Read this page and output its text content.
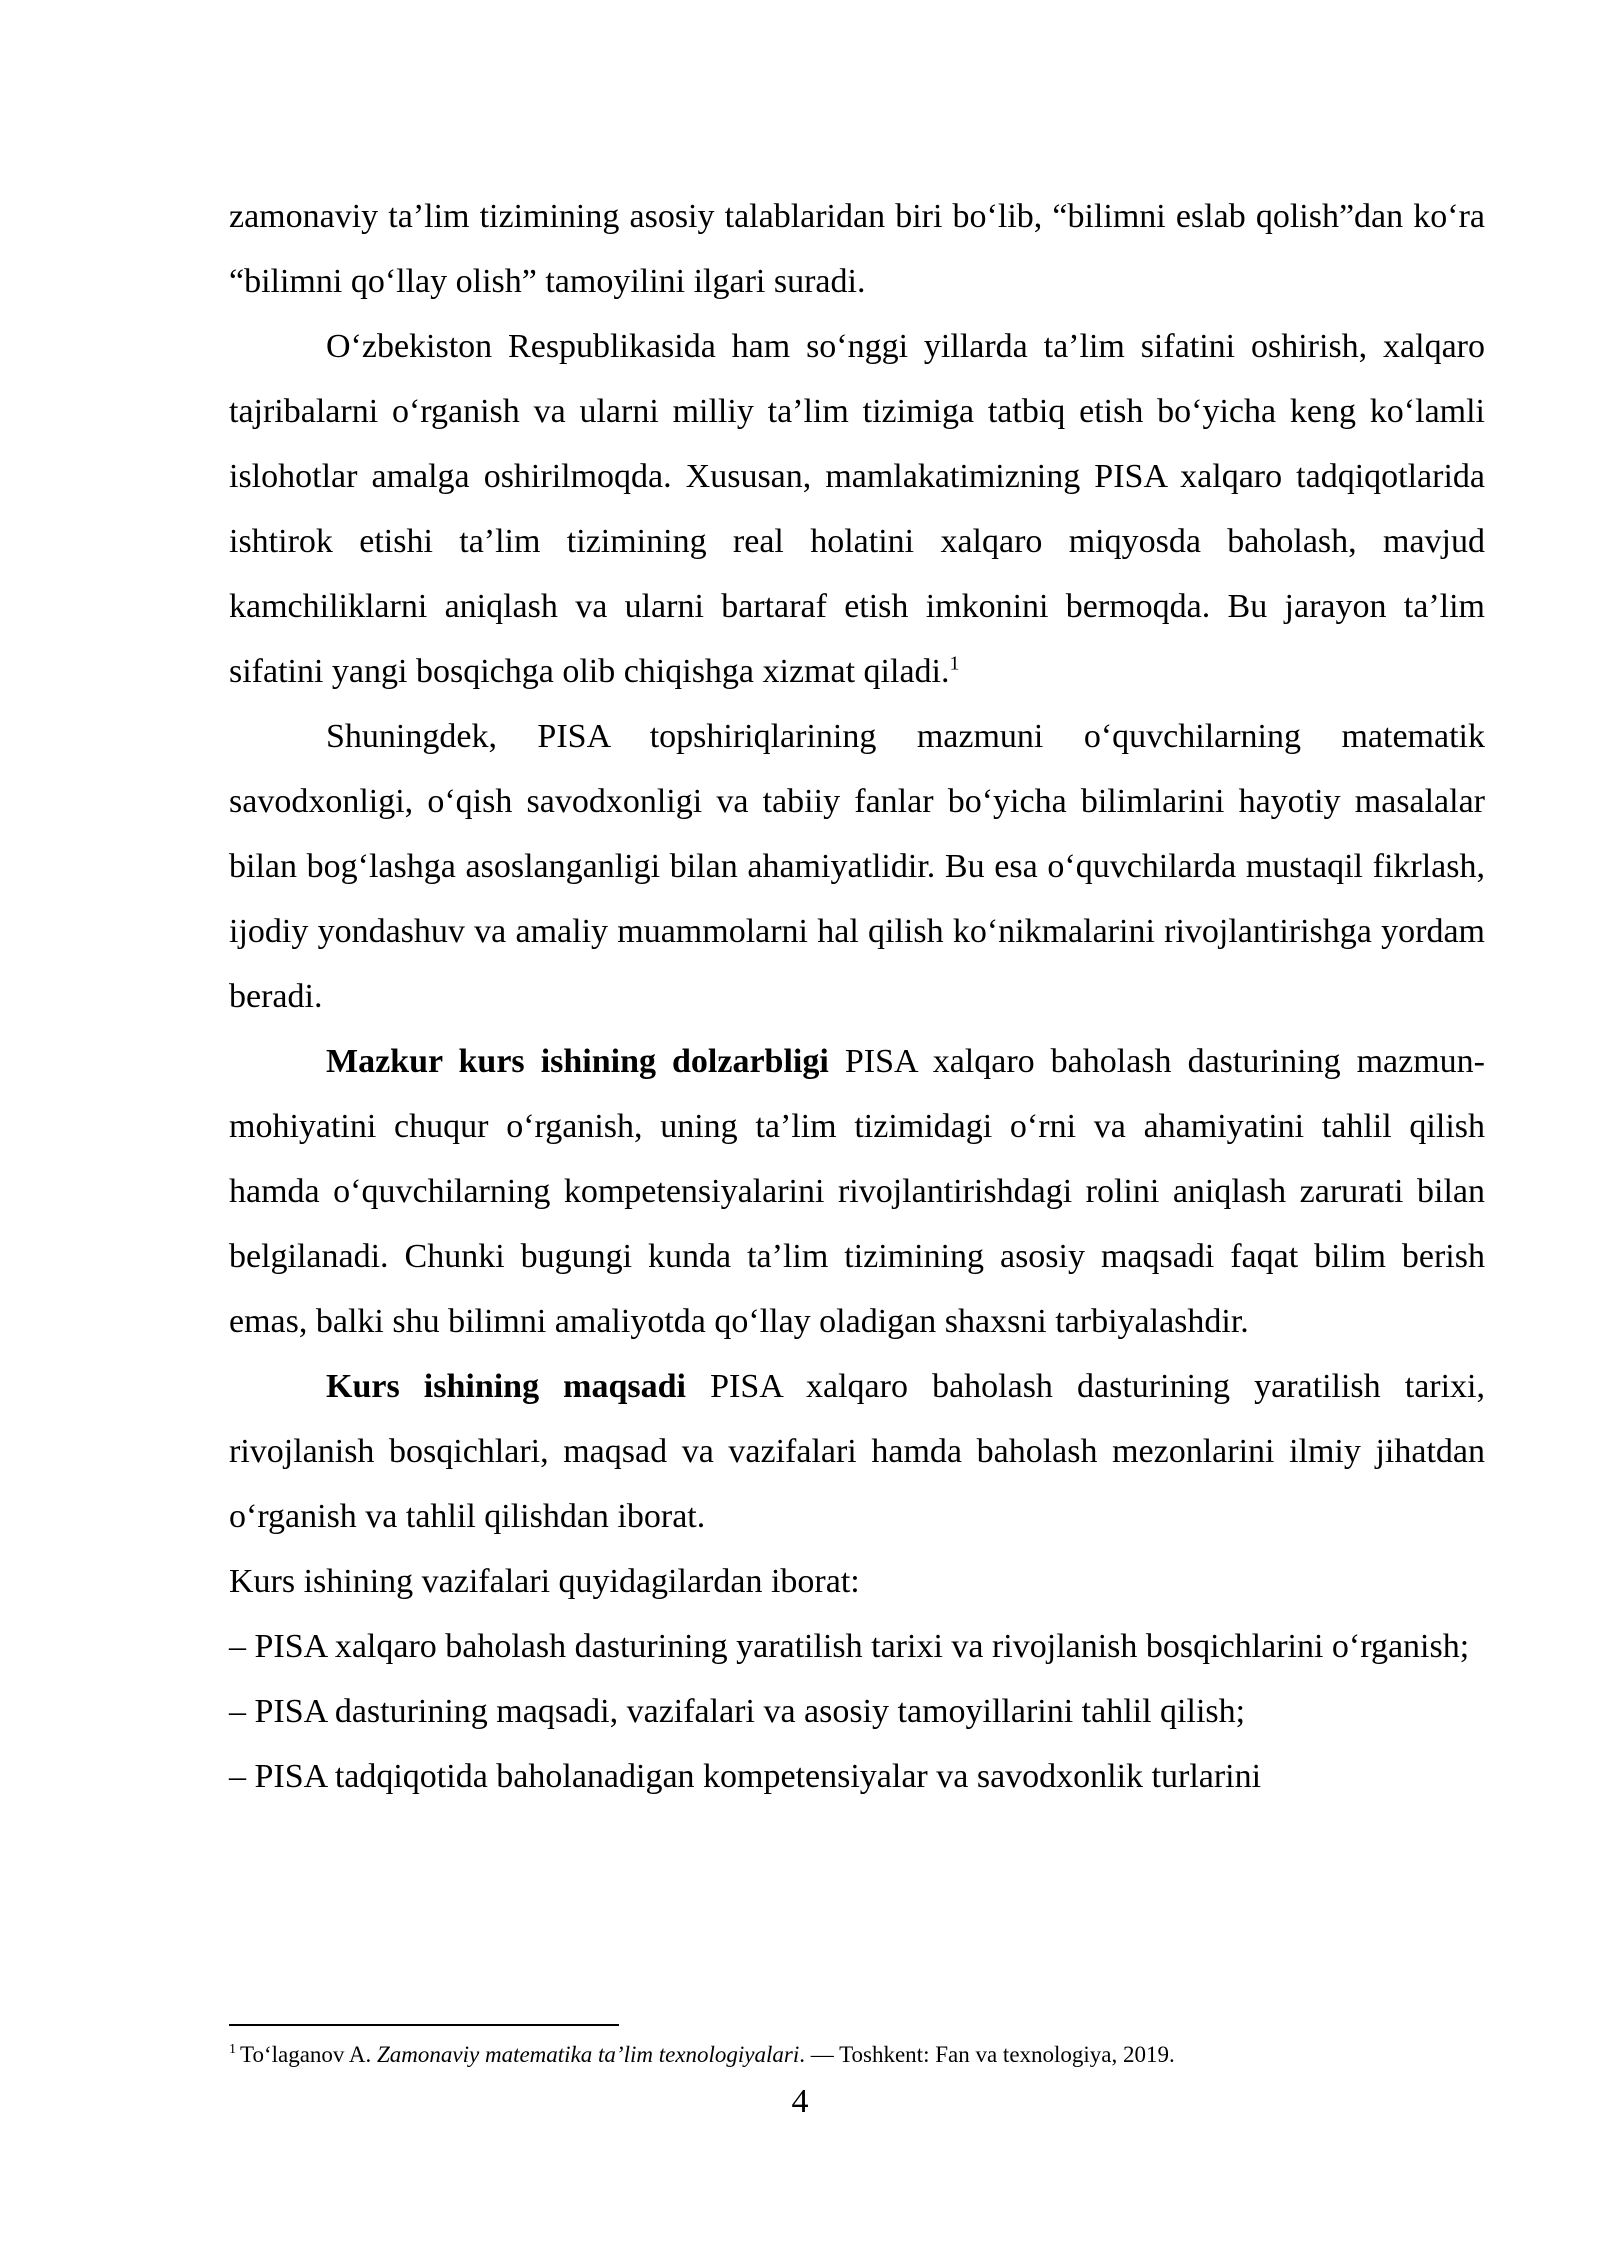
zamonaviy ta’lim tizimining asosiy talablaridan biri bo‘lib, “bilimni eslab qolish”dan ko‘ra “bilimni qo‘llay olish” tamoyilini ilgari suradi.

O‘zbekiston Respublikasida ham so‘nggi yillarda ta’lim sifatini oshirish, xalqaro tajribalarni o‘rganish va ularni milliy ta’lim tizimiga tatbiq etish bo‘yicha keng ko‘lamli islohotlar amalga oshirilmoqda. Xususan, mamlakatimizning PISA xalqaro tadqiqotlarida ishtirok etishi ta’lim tizimining real holatini xalqaro miqyosda baholash, mavjud kamchiliklarni aniqlash va ularni bartaraf etish imkonini bermoqda. Bu jarayon ta’lim sifatini yangi bosqichga olib chiqishga xizmat qiladi.$^1$

Shuningdek, PISA topshiriqlarining mazmuni o‘quvchilarning matematik savodxonligi, o‘qish savodxonligi va tabiiy fanlar bo‘yicha bilimlarini hayotiy masalalar bilan bog‘lashga asoslanganligi bilan ahamiyatlidir. Bu esa o‘quvchilarda mustaqil fikrlash, ijodiy yondashuv va amaliy muammolarni hal qilish ko‘nikmalarini rivojlantirishga yordam beradi.

Mazkur kurs ishining dolzarbligi PISA xalqaro baholash dasturining mazmun-mohiyatini chuqur o‘rganish, uning ta’lim tizimidagi o‘rni va ahamiyatini tahlil qilish hamda o‘quvchilarning kompetensiyalarini rivojlantirishdagi rolini aniqlash zarurati bilan belgilanadi. Chunki bugungi kunda ta’lim tizimining asosiy maqsadi faqat bilim berish emas, balki shu bilimni amaliyotda qo‘llay oladigan shaxsni tarbiyalashdir.

Kurs ishining maqsadi PISA xalqaro baholash dasturining yaratilish tarixi, rivojlanish bosqichlari, maqsad va vazifalari hamda baholash mezonlarini ilmiy jihatdan o‘rganish va tahlil qilishdan iborat.

Kurs ishining vazifalari quyidagilardan iborat:

– PISA xalqaro baholash dasturining yaratilish tarixi va rivojlanish bosqichlarini o‘rganish;

– PISA dasturining maqsadi, vazifalari va asosiy tamoyillarini tahlil qilish;

– PISA tadqiqotida baholanadigan kompetensiyalar va savodxonlik turlarini

$^1$ To‘laganov A. Zamonaviy matematika ta’lim texnologiyalari. — Toshkent: Fan va texnologiya, 2019.
4
